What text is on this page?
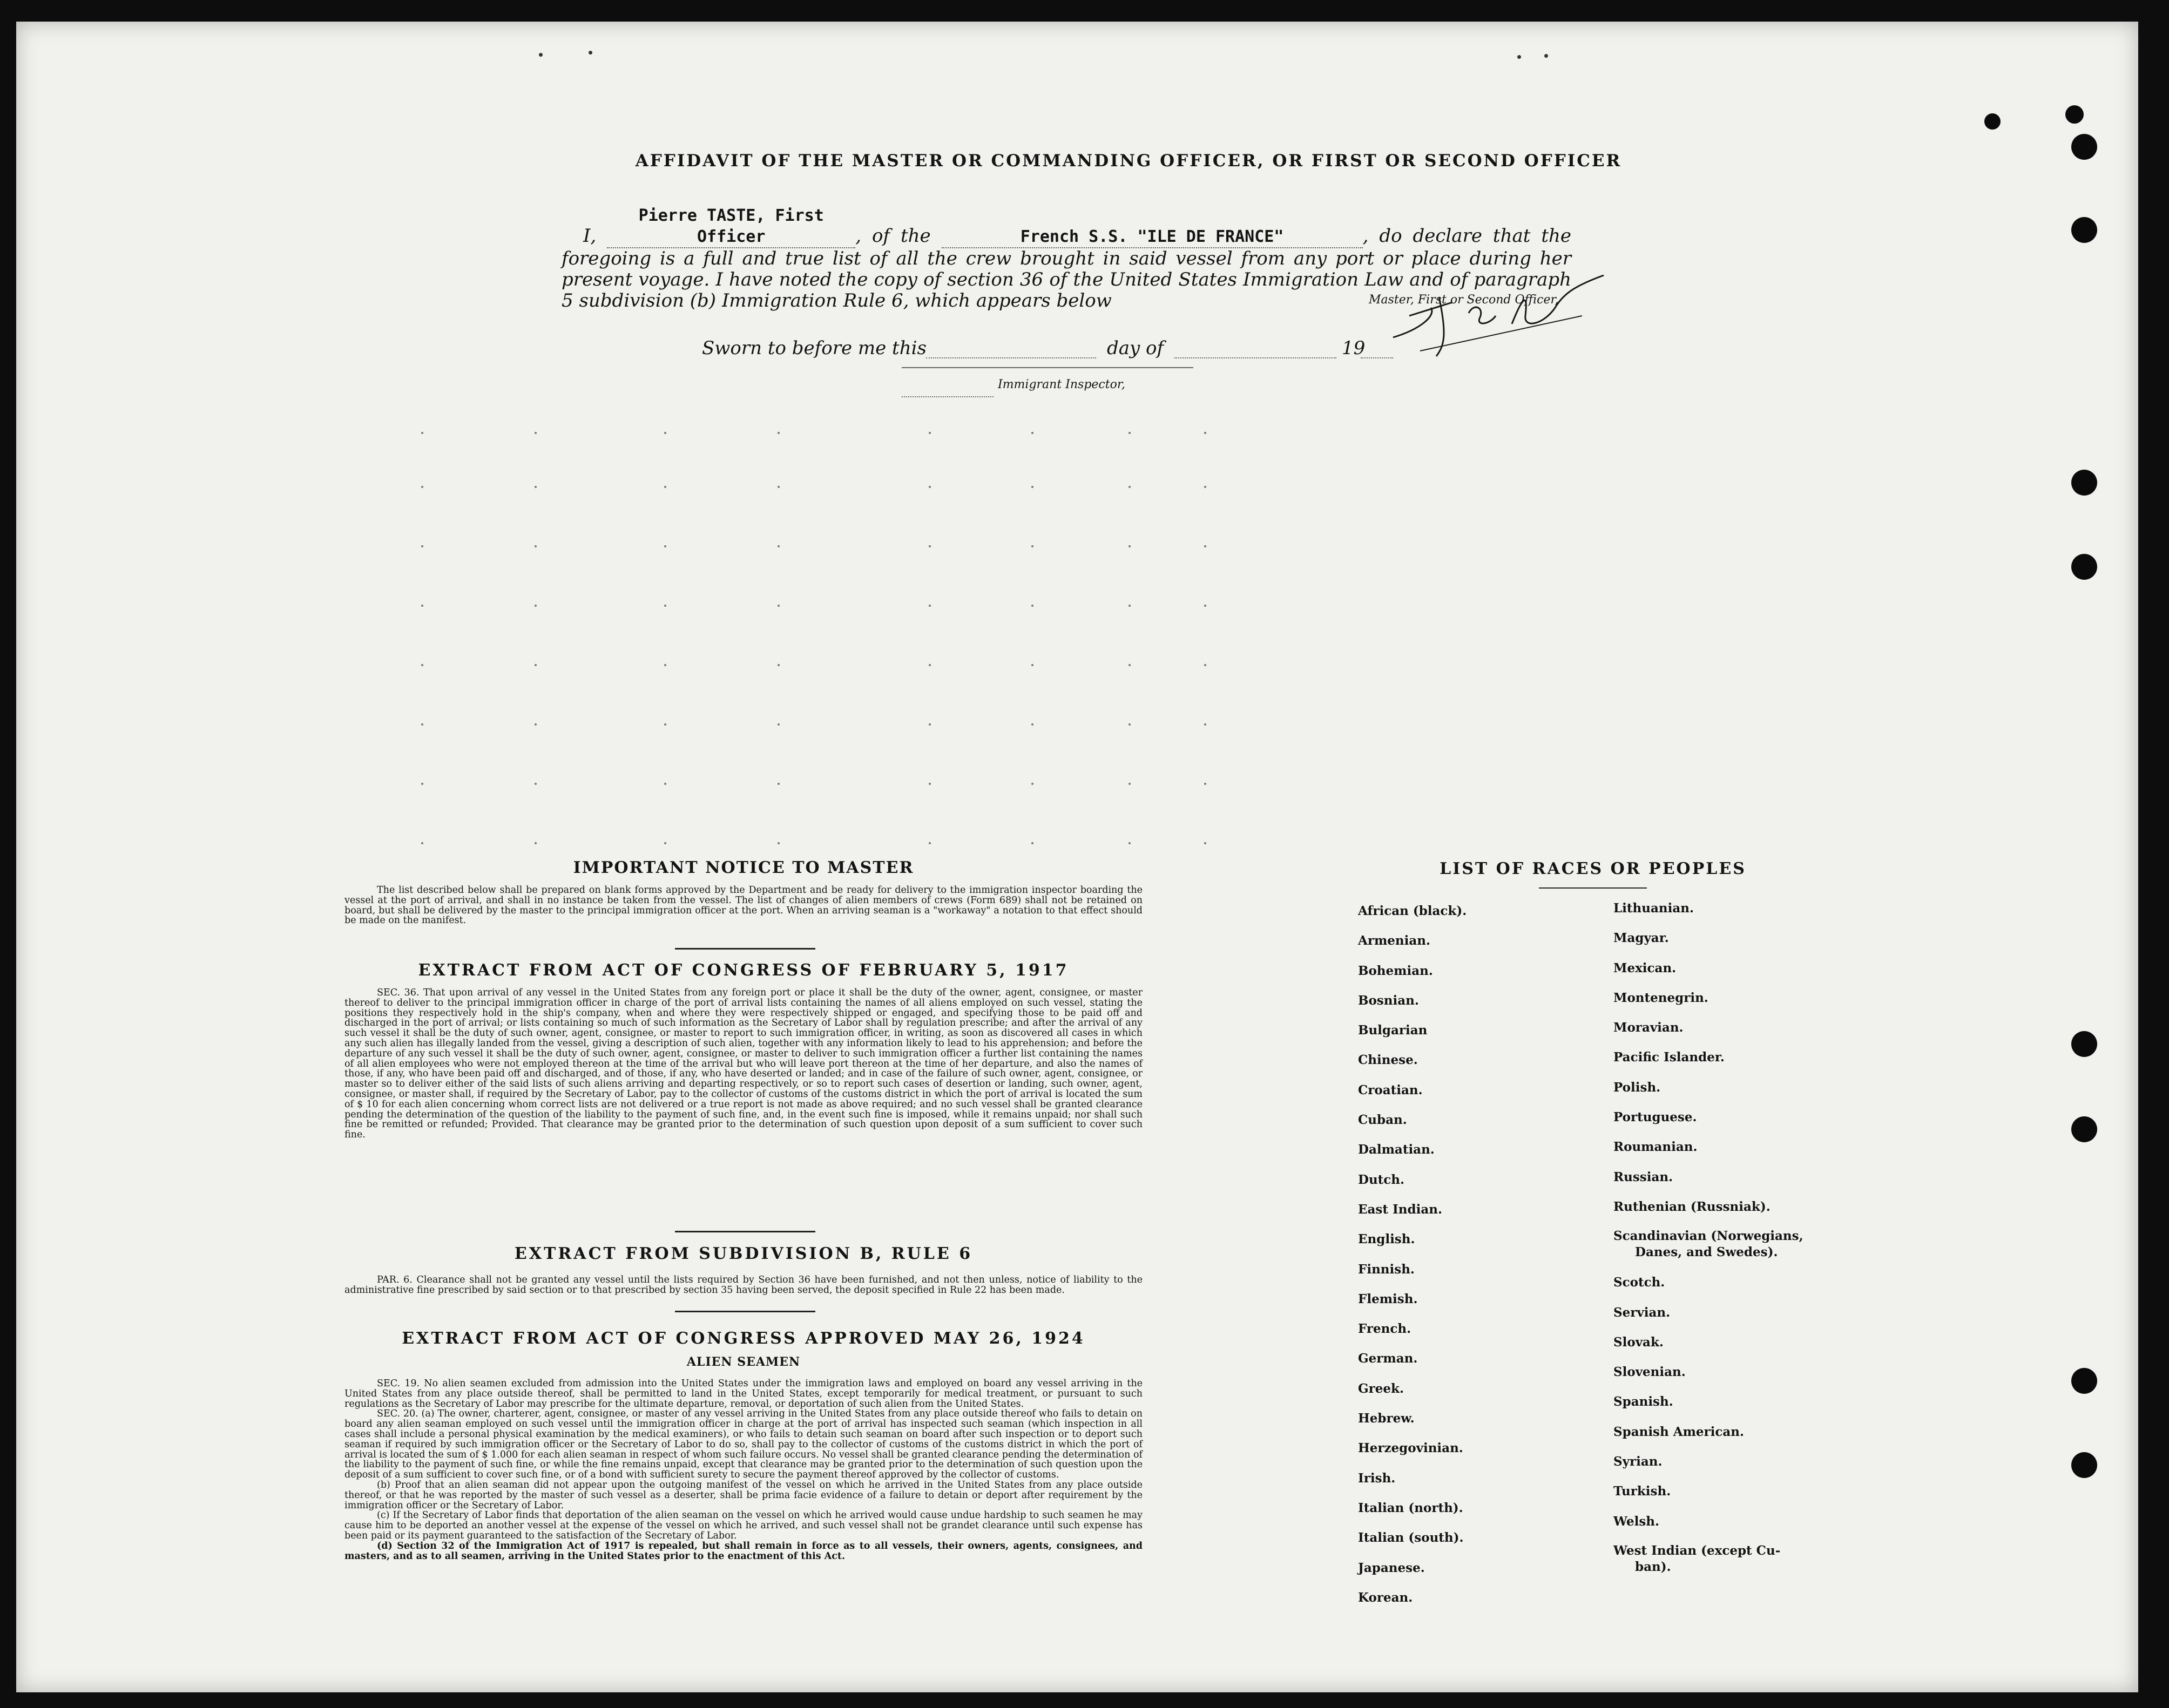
AFFIDAVIT OF THE MASTER OR COMMANDING OFFICER, OR FIRST OR SECOND OFFICER
I, Pierre TASTE, First Officer	, of the	French S.S. "ILE DE FRANCE"	, do declare that the foregoing is a full and true list of all the crew brought in said vessel from any port or place during her present voyage. I have noted the copy of section 36 of the United States Immigration Law and of paragraph 5 subdivision (b) Immigration Rule 6, which appears below	Master, First or Second Officer,
Sworn to before me this	day of	19
Immigrant Inspector,
IMPORTANT NOTICE TO MASTER

The list described below shall be prepared on blank forms approved by the Department and be ready for delivery to the immigration inspector boarding the vessel at the port of arrival, and shall in no instance be taken from the vessel. The list of changes of alien members of crews (Form 689) shall not be retained on board, but shall be delivered by the master to the principal immigration officer at the port. When an arriving seaman is a "workaway" a notation to that effect should be made on the manifest.

EXTRACT FROM ACT OF CONGRESS OF FEBRUARY 5, 1917

SEC. 36. That upon arrival of any vessel in the United States from any foreign port or place it shall be the duty of the owner, agent, consignee, or master thereof to deliver to the principal immigration officer in charge of the port of arrival lists containing the names of all aliens employed on such vessel, stating the positions they respectively hold in the ship's company, when and where they were respectively shipped or engaged, and specifying those to be paid off and discharged in the port of arrival; or lists containing so much of such information as the Secretary of Labor shall by regulation prescribe; and after the arrival of any such vessel it shall be the duty of such owner, agent, consignee, or master to report to such immigration officer, in writing, as soon as discovered all cases in which any such alien has illegally landed from the vessel, giving a description of such alien, together with any information likely to lead to his apprehension; and before the departure of any such vessel it shall be the duty of such owner, agent, consignee, or master to deliver to such immigration officer a further list containing the names of all alien employees who were not employed thereon at the time of the arrival but who will leave port thereon at the time of her departure, and also the names of those, if any, who have been paid off and discharged, and of those, if any, who have deserted or landed; and in case of the failure of such owner, agent, consignee, or master so to deliver either of the said lists of such aliens arriving and departing respectively, or so to report such cases of desertion or landing, such owner, agent, consignee, or master shall, if required by the Secretary of Labor, pay to the collector of customs of the customs district in which the port of arrival is located the sum of $ 10 for each alien concerning whom correct lists are not delivered or a true report is not made as above required; and no such vessel shall be granted clearance pending the determination of the question of the liability to the payment of such fine, and, in the event such fine is imposed, while it remains unpaid; nor shall such fine be remitted or refunded; Provided. That clearance may be granted prior to the determination of such question upon deposit of a sum sufficient to cover such fine.

EXTRACT FROM SUBDIVISION B, RULE 6

PAR. 6. Clearance shall not be granted any vessel until the lists required by Section 36 have been furnished, and not then unless, notice of liability to the administrative fine prescribed by said section or to that prescribed by section 35 having been served, the deposit specified in Rule 22 has been made.

EXTRACT FROM ACT OF CONGRESS APPROVED MAY 26, 1924
ALIEN SEAMEN

SEC. 19. No alien seamen excluded from admission into the United States under the immigration laws and employed on board any vessel arriving in the United States from any place outside thereof, shall be permitted to land in the United States, except temporarily for medical treatment, or pursuant to such regulations as the Secretary of Labor may prescribe for the ultimate departure, removal, or deportation of such alien from the United States.

SEC. 20. (a) The owner, charterer, agent, consignee, or master of any vessel arriving in the United States from any place outside thereof who fails to detain on board any alien seaman employed on such vessel until the immigration officer in charge at the port of arrival has inspected such seaman (which inspection in all cases shall include a personal physical examination by the medical examiners), or who fails to detain such seaman on board after such inspection or to deport such seaman if required by such immigration officer or the Secretary of Labor to do so, shall pay to the collector of customs of the customs district in which the port of arrival is located the sum of $ 1.000 for each alien seaman in respect of whom such failure occurs. No vessel shall be granted clearance pending the determination of the liability to the payment of such fine, or while the fine remains unpaid, except that clearance may be granted prior to the determination of such question upon the deposit of a sum sufficient to cover such fine, or of a bond with sufficient surety to secure the payment thereof approved by the collector of customs.

(b) Proof that an alien seaman did not appear upon the outgoing manifest of the vessel on which he arrived in the United States from any place outside thereof, or that he was reported by the master of such vessel as a deserter, shall be prima facie evidence of a failure to detain or deport after requirement by the immigration officer or the Secretary of Labor.

(c) If the Secretary of Labor finds that deportation of the alien seaman on the vessel on which he arrived would cause undue hardship to such seamen he may cause him to be deported an another vessel at the expense of the vessel on which he arrived, and such vessel shall not be grandet clearance until such expense has been paid or its payment guaranteed to the satisfaction of the Secretary of Labor.

(d) Section 32 of the Immigration Act of 1917 is repealed, but shall remain in force as to all vessels, their owners, agents, consignees, and masters, and as to all seamen, arriving in the United States prior to the enactment of this Act.

LIST OF RACES OR PEOPLES
African (black).
Armenian.
Bohemian.
Bosnian.
Bulgarian
Chinese.
Croatian.
Cuban.
Dalmatian.
Dutch.
East Indian.
English.
Finnish.
Flemish.
French.
German.
Greek.
Hebrew.
Herzegovinian.
Irish.
Italian (north).
Italian (south).
Japanese.
Korean.
Lithuanian.
Magyar.
Mexican.
Montenegrin.
Moravian.
Pacific Islander.
Polish.
Portuguese.
Roumanian.
Russian.
Ruthenian (Russniak).
Scandinavian (Norwegians,
Danes, and Swedes).
Scotch.
Servian.
Slovak.
Slovenian.
Spanish.
Spanish American.
Syrian.
Turkish.
Welsh.
West Indian (except Cu-
ban).
